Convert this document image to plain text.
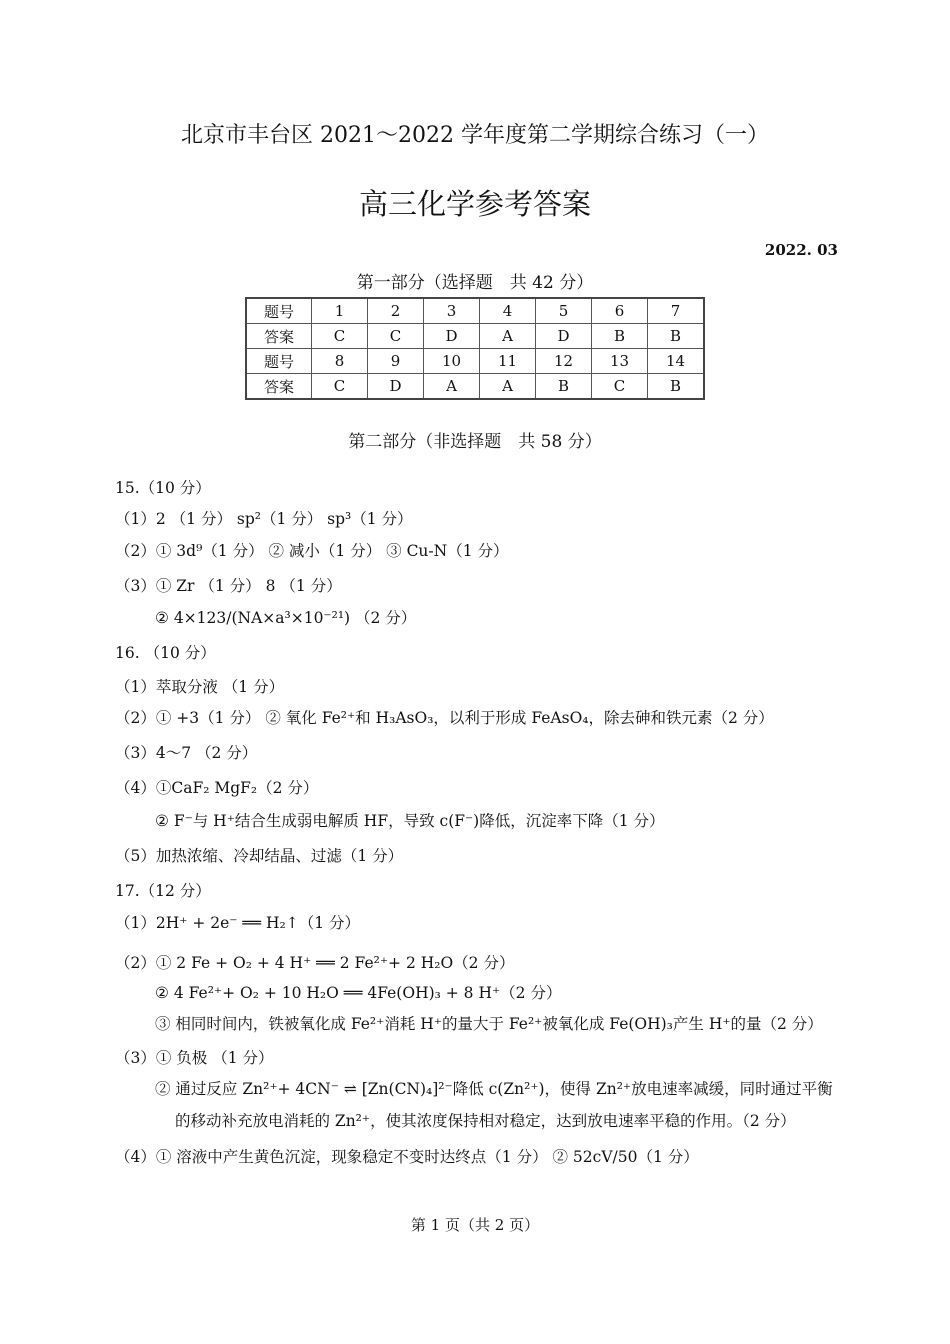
北京市丰台区 2021～2022 学年度第二学期综合练习（一）
高三化学参考答案
2022. 03
第一部分（选择题　共 42 分）
题号	1	2	3	4	5	6	7
答案	C	C	D	A	D	B	B
题号	8	9	10	11	12	13	14
答案	C	D	A	A	B	C	B
第二部分（非选择题　共 58 分）
15.（10 分）
（1）2 （1 分） sp²（1 分） sp³（1 分）
（2）① 3d⁹（1 分） ② 减小（1 分） ③ Cu-N（1 分）
（3）① Zr （1 分） 8 （1 分）
② 4×123/(NA×a³×10⁻²¹) （2 分）
16. （10 分）
（1）萃取分液 （1 分）
（2）① +3（1 分） ② 氧化 Fe²⁺和 H₃AsO₃，以利于形成 FeAsO₄，除去砷和铁元素（2 分）
（3）4～7 （2 分）
（4）①CaF₂ MgF₂（2 分）
② F⁻与 H⁺结合生成弱电解质 HF，导致 c(F⁻)降低，沉淀率下降（1 分）
（5）加热浓缩、冷却结晶、过滤（1 分）
17.（12 分）
（1）2H⁺ + 2e⁻ ══ H₂↑（1 分）
（2）① 2 Fe + O₂ + 4 H⁺ ══ 2 Fe²⁺+ 2 H₂O（2 分）
② 4 Fe²⁺+ O₂ + 10 H₂O ══ 4Fe(OH)₃ + 8 H⁺（2 分）
③ 相同时间内，铁被氧化成 Fe²⁺消耗 H⁺的量大于 Fe²⁺被氧化成 Fe(OH)₃产生 H⁺的量（2 分）
（3）① 负极 （1 分）
② 通过反应 Zn²⁺+ 4CN⁻ ⇌ [Zn(CN)₄]²⁻降低 c(Zn²⁺)，使得 Zn²⁺放电速率减缓，同时通过平衡
的移动补充放电消耗的 Zn²⁺，使其浓度保持相对稳定，达到放电速率平稳的作用。（2 分）
（4）① 溶液中产生黄色沉淀，现象稳定不变时达终点（1 分） ② 52cV/50（1 分）
第 1 页（共 2 页）
